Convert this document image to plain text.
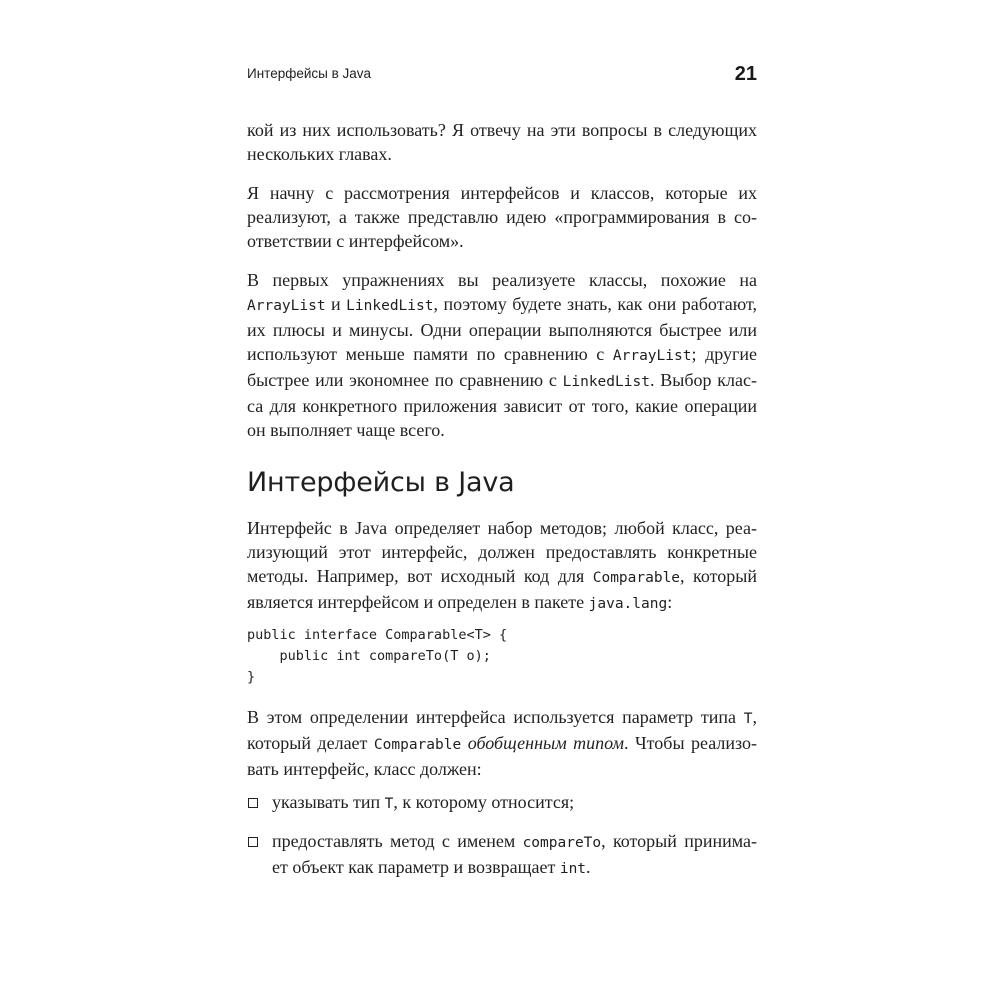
Интерфейсы в Java	21

кой из них использовать? Я отвечу на эти вопросы в следующих
нескольких главах.

Я начну с рассмотрения интерфейсов и классов, которые их
реализуют, а также представлю идею «программирования в со-
ответствии с интерфейсом».

В первых упражнениях вы реализуете классы, похожие на
ArrayList и LinkedList, поэтому будете знать, как они работают,
их плюсы и минусы. Одни операции выполняются быстрее или
используют меньше памяти по сравнению с ArrayList; другие
быстрее или экономнее по сравнению с LinkedList. Выбор клас-
са для конкретного приложения зависит от того, какие операции
он выполняет чаще всего.

Интерфейсы в Java

Интерфейс в Java определяет набор методов; любой класс, реа-
лизующий этот интерфейс, должен предоставлять конкретные
методы. Например, вот исходный код для Comparable, который
является интерфейсом и определен в пакете java.lang:

public interface Comparable<T> {
public int compareTo(T o);
}

В этом определении интерфейса используется параметр типа T,
который делает Comparable обобщенным типом. Чтобы реализо-
вать интерфейс, класс должен:

указывать тип T, к которому относится;
предоставлять метод с именем compareTo, который принима-
ет объект как параметр и возвращает int.
